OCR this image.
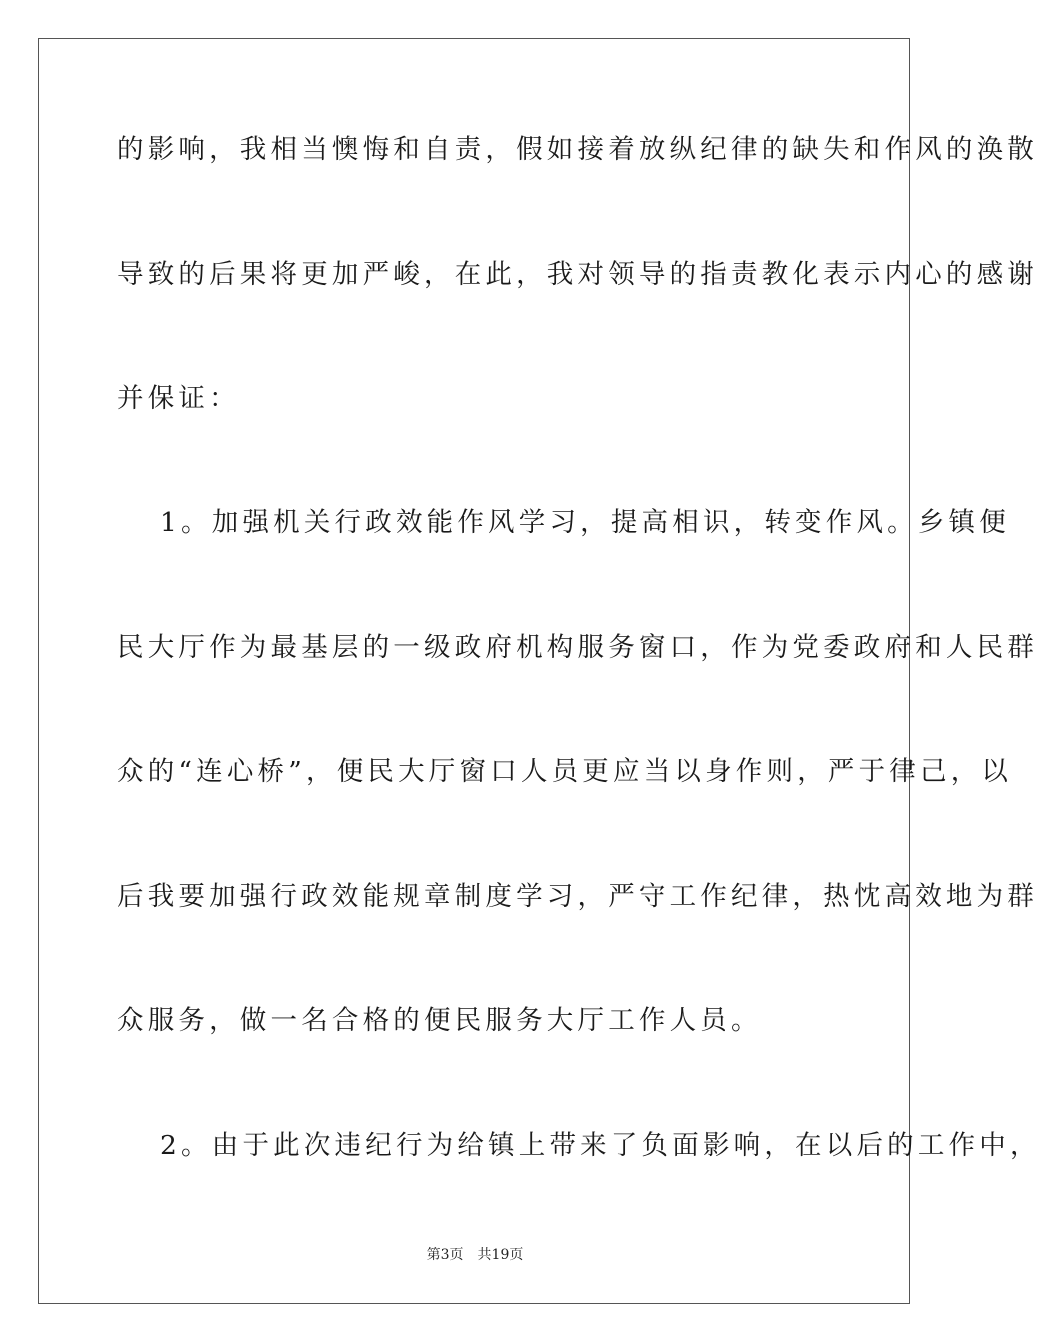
的影响，我相当懊悔和自责，假如接着放纵纪律的缺失和作风的涣散

导致的后果将更加严峻，在此，我对领导的指责教化表示内心的感谢

并保证：

1。加强机关行政效能作风学习，提高相识，转变作风。乡镇便

民大厅作为最基层的一级政府机构服务窗口，作为党委政府和人民群

众的“连心桥”，便民大厅窗口人员更应当以身作则，严于律己，以

后我要加强行政效能规章制度学习，严守工作纪律，热忱高效地为群

众服务，做一名合格的便民服务大厅工作人员。

2。由于此次违纪行为给镇上带来了负面影响，在以后的工作中，

第3页 共19页
